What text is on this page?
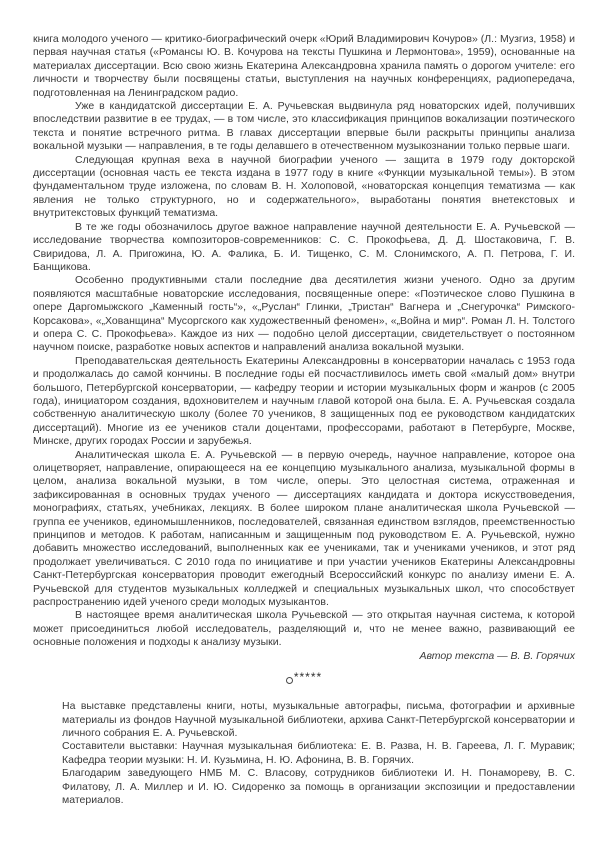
книга молодого ученого — критико-биографический очерк «Юрий Владимирович Кочуров» (Л.: Музгиз, 1958) и первая научная статья («Романсы Ю. В. Кочурова на тексты Пушкина и Лермонтова», 1959), основанные на материалах диссертации. Всю свою жизнь Екатерина Александровна хранила память о дорогом учителе: его личности и творчеству были посвящены статьи, выступления на научных конференциях, радиопередача, подготовленная на Ленинградском радио.

Уже в кандидатской диссертации Е. А. Ручьевская выдвинула ряд новаторских идей, получивших впоследствии развитие в ее трудах, — в том числе, это классификация принципов вокализации поэтического текста и понятие встречного ритма. В главах диссертации впервые были раскрыты принципы анализа вокальной музыки — направления, в те годы делавшего в отечественном музыкознании только первые шаги.

Следующая крупная веха в научной биографии ученого — защита в 1979 году докторской диссертации (основная часть ее текста издана в 1977 году в книге «Функции музыкальной темы»). В этом фундаментальном труде изложена, по словам В. Н. Холоповой, «новаторская концепция тематизма — как явления не только структурного, но и содержательного», выработаны понятия внетекстовых и внутритекстовых функций тематизма.

В те же годы обозначилось другое важное направление научной деятельности Е. А. Ручьевской — исследование творчества композиторов-современников: С. С. Прокофьева, Д. Д. Шостаковича, Г. В. Свиридова, Л. А. Пригожина, Ю. А. Фалика, Б. И. Тищенко, С. М. Слонимского, А. П. Петрова, Г. И. Банщикова.

Особенно продуктивными стали последние два десятилетия жизни ученого. Одно за другим появляются масштабные новаторские исследования, посвященные опере: «Поэтическое слово Пушкина в опере Даргомыжского „Каменный гость“», «„Руслан“ Глинки, „Тристан“ Вагнера и „Снегурочка“ Римского-Корсакова», «„Хованщина“ Мусоргского как художественный феномен», «„Война и мир“. Роман Л. Н. Толстого и опера С. С. Прокофьева». Каждое из них — подобно целой диссертации, свидетельствует о постоянном научном поиске, разработке новых аспектов и направлений анализа вокальной музыки.

Преподавательская деятельность Екатерины Александровны в консерватории началась с 1953 года и продолжалась до самой кончины. В последние годы ей посчастливилось иметь свой «малый дом» внутри большого, Петербургской консерватории, — кафедру теории и истории музыкальных форм и жанров (с 2005 года), инициатором создания, вдохновителем и научным главой которой она была. Е. А. Ручьевская создала собственную аналитическую школу (более 70 учеников, 8 защищенных под ее руководством кандидатских диссертаций). Многие из ее учеников стали доцентами, профессорами, работают в Петербурге, Москве, Минске, других городах России и зарубежья.

Аналитическая школа Е. А. Ручьевской — в первую очередь, научное направление, которое она олицетворяет, направление, опирающееся на ее концепцию музыкального анализа, музыкальной формы в целом, анализа вокальной музыки, в том числе, оперы. Это целостная система, отраженная и зафиксированная в основных трудах ученого — диссертациях кандидата и доктора искусствоведения, монографиях, статьях, учебниках, лекциях. В более широком плане аналитическая школа Ручьевской — группа ее учеников, единомышленников, последователей, связанная единством взглядов, преемственностью принципов и методов. К работам, написанным и защищенным под руководством Е. А. Ручьевской, нужно добавить множество исследований, выполненных как ее учениками, так и учениками учеников, и этот ряд продолжает увеличиваться. С 2010 года по инициативе и при участии учеников Екатерины Александровны Санкт-Петербургская консерватория проводит ежегодный Всероссийский конкурс по анализу имени Е. А. Ручьевской для студентов музыкальных колледжей и специальных музыкальных школ, что способствует распространению идей ученого среди молодых музыкантов.

В настоящее время аналитическая школа Ручьевской — это открытая научная система, к которой может присоединиться любой исследователь, разделяющий и, что не менее важно, развивающий ее основные положения и подходы к анализу музыки.

Автор текста — В. В. Горячих

*****

На выставке представлены книги, ноты, музыкальные автографы, письма, фотографии и архивные материалы из фондов Научной музыкальной библиотеки, архива Санкт-Петербургской консерватории и личного собрания Е. А. Ручьевской.

Составители выставки: Научная музыкальная библиотека: Е. В. Разва, Н. В. Гареева, Л. Г. Муравик; Кафедра теории музыки: Н. И. Кузьмина, Н. Ю. Афонина, В. В. Горячих.

Благодарим заведующего НМБ М. С. Власову, сотрудников библиотеки И. Н. Понамореву, В. С. Филатову, Л. А. Миллер и И. Ю. Сидоренко за помощь в организации экспозиции и предоставлении материалов.
